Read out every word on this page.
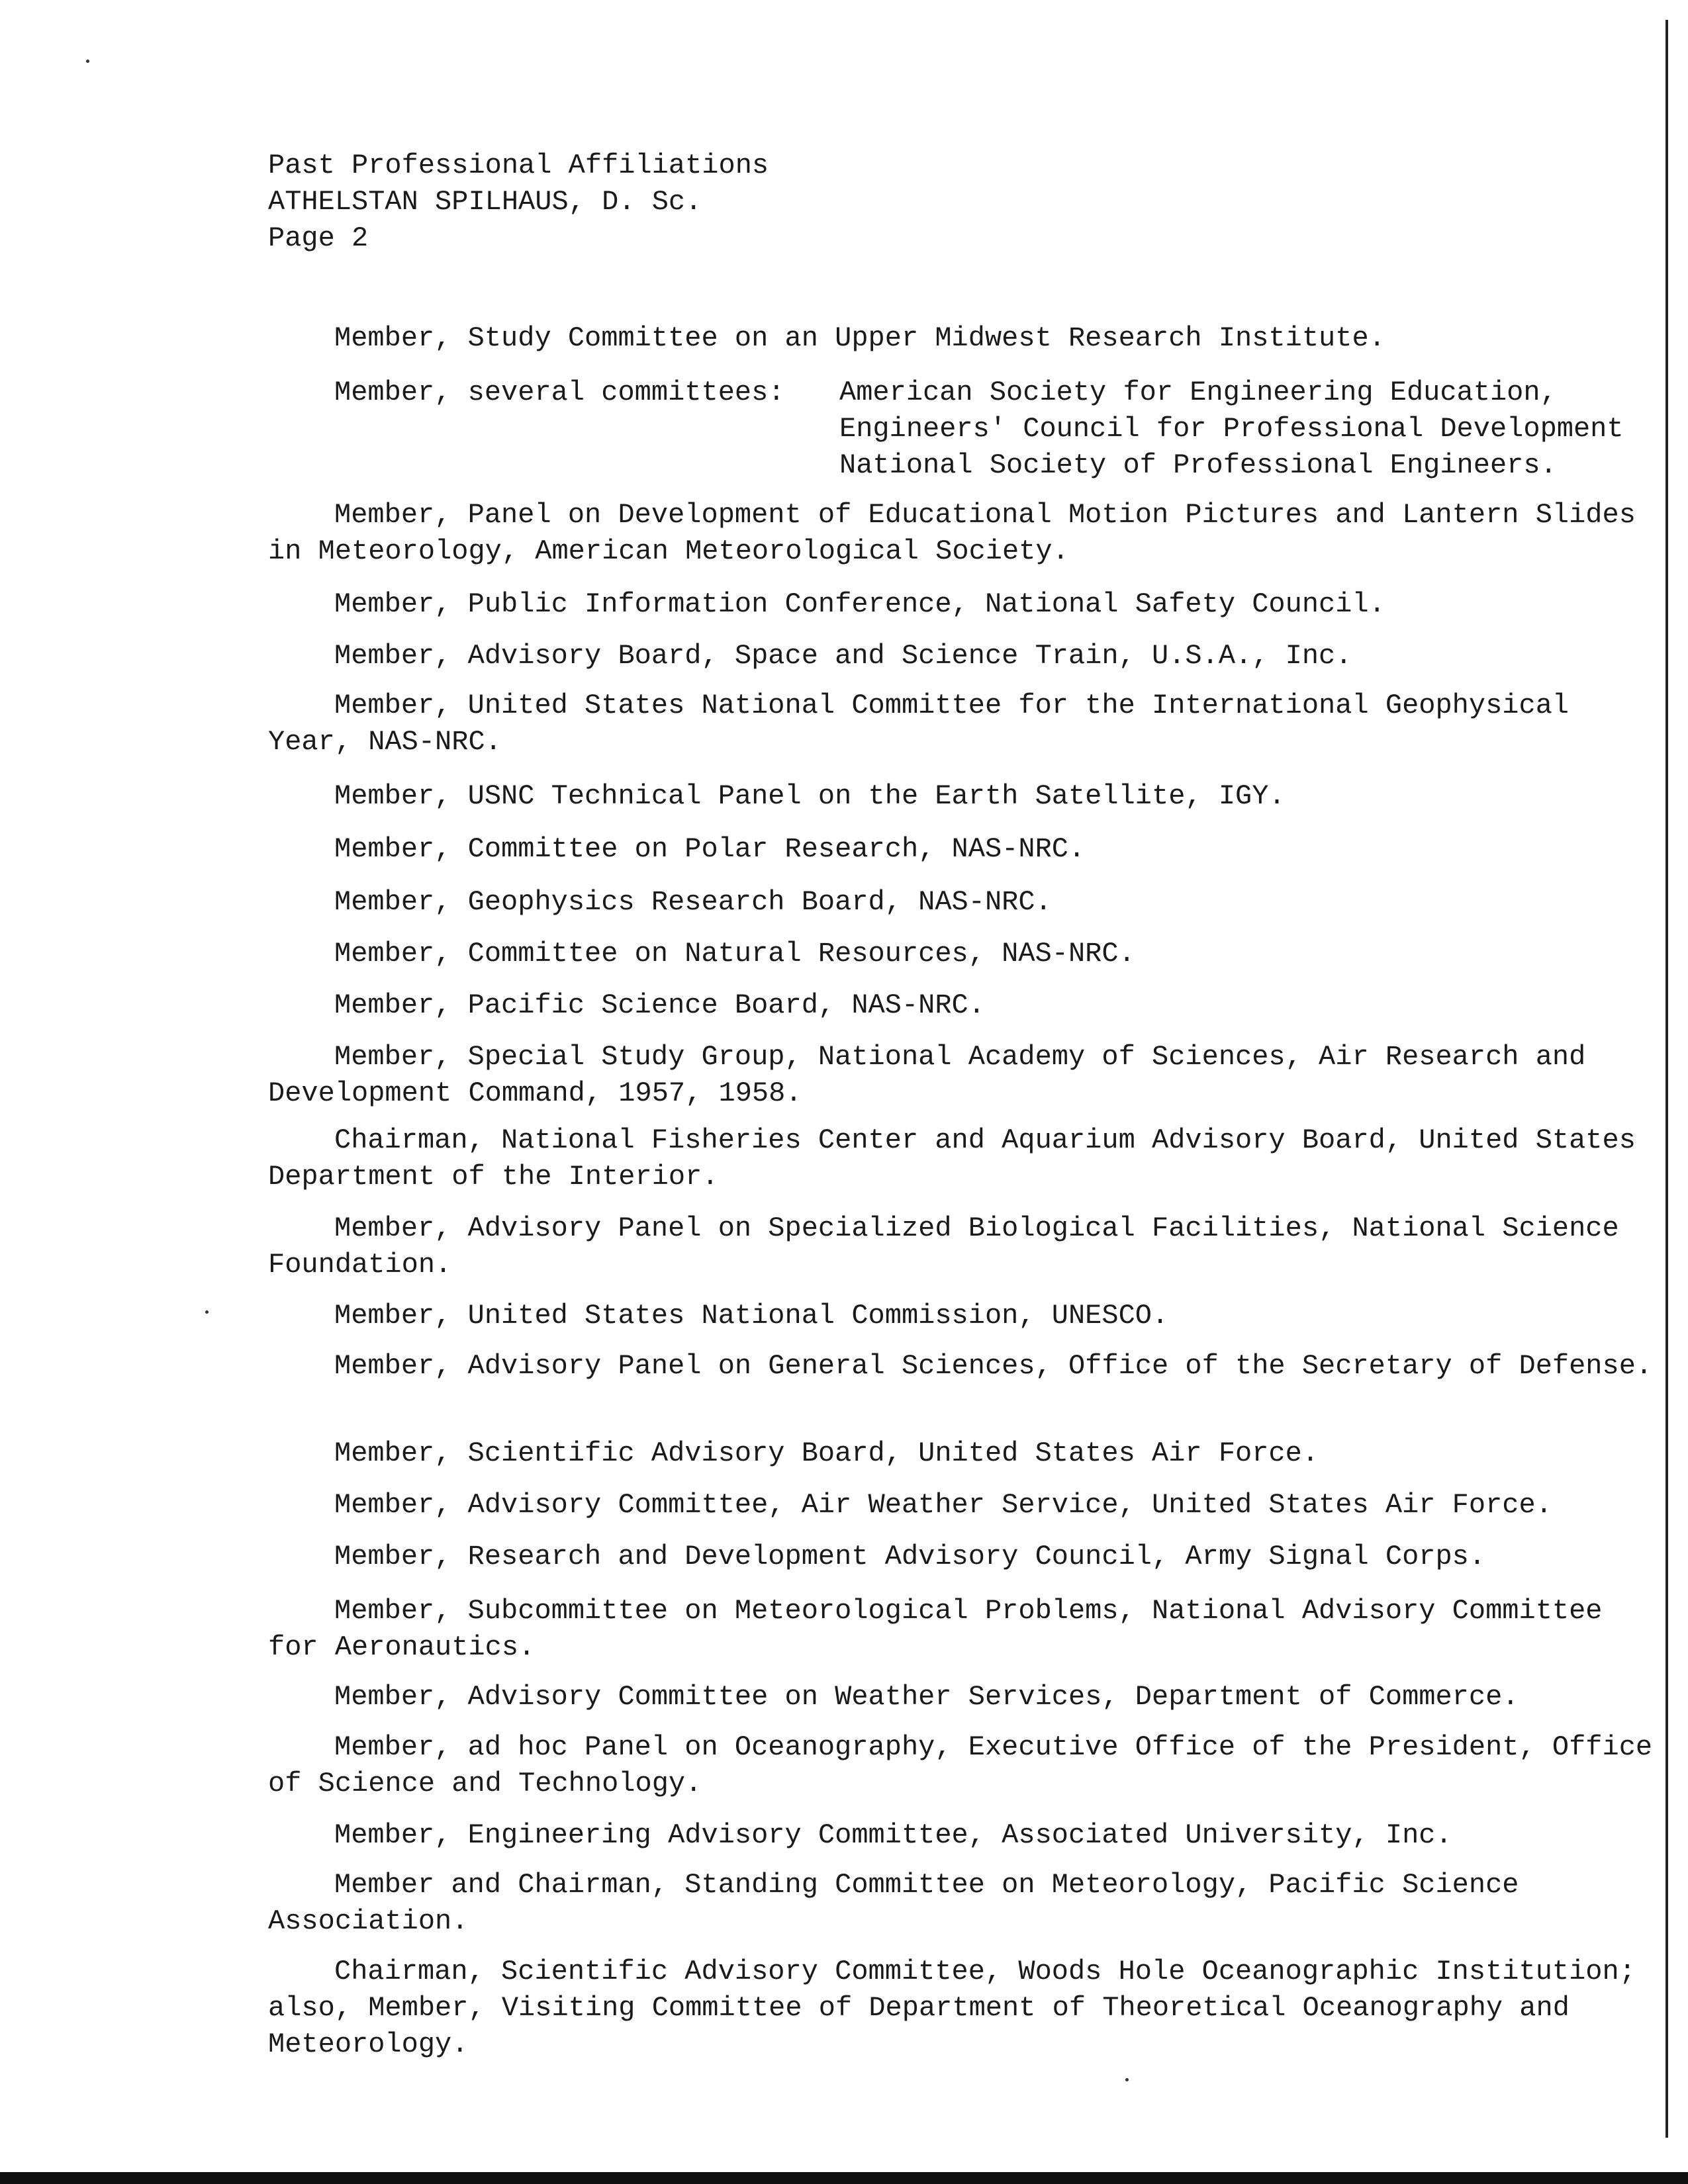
Past Professional Affiliations
ATHELSTAN SPILHAUS, D. Sc.
Page 2
Member, Study Committee on an Upper Midwest Research Institute.
Member, several committees:	American Society for Engineering Education,
Engineers' Council for Professional Development
National Society of Professional Engineers.
Member, Panel on Development of Educational Motion Pictures and Lantern Slides in Meteorology, American Meteorological Society.
Member, Public Information Conference, National Safety Council.
Member, Advisory Board, Space and Science Train, U.S.A., Inc.
Member, United States National Committee for the International Geophysical Year, NAS-NRC.
Member, USNC Technical Panel on the Earth Satellite, IGY.
Member, Committee on Polar Research, NAS-NRC.
Member, Geophysics Research Board, NAS-NRC.
Member, Committee on Natural Resources, NAS-NRC.
Member, Pacific Science Board, NAS-NRC.
Member, Special Study Group, National Academy of Sciences, Air Research and Development Command, 1957, 1958.
Chairman, National Fisheries Center and Aquarium Advisory Board, United States Department of the Interior.
Member, Advisory Panel on Specialized Biological Facilities, National Science Foundation.
Member, United States National Commission, UNESCO.
Member, Advisory Panel on General Sciences, Office of the Secretary of Defense.
Member, Scientific Advisory Board, United States Air Force.
Member, Advisory Committee, Air Weather Service, United States Air Force.
Member, Research and Development Advisory Council, Army Signal Corps.
Member, Subcommittee on Meteorological Problems, National Advisory Committee for Aeronautics.
Member, Advisory Committee on Weather Services, Department of Commerce.
Member, ad hoc Panel on Oceanography, Executive Office of the President, Office of Science and Technology.
Member, Engineering Advisory Committee, Associated University, Inc.
Member and Chairman, Standing Committee on Meteorology, Pacific Science Association.
Chairman, Scientific Advisory Committee, Woods Hole Oceanographic Institution; also, Member, Visiting Committee of Department of Theoretical Oceanography and Meteorology.
